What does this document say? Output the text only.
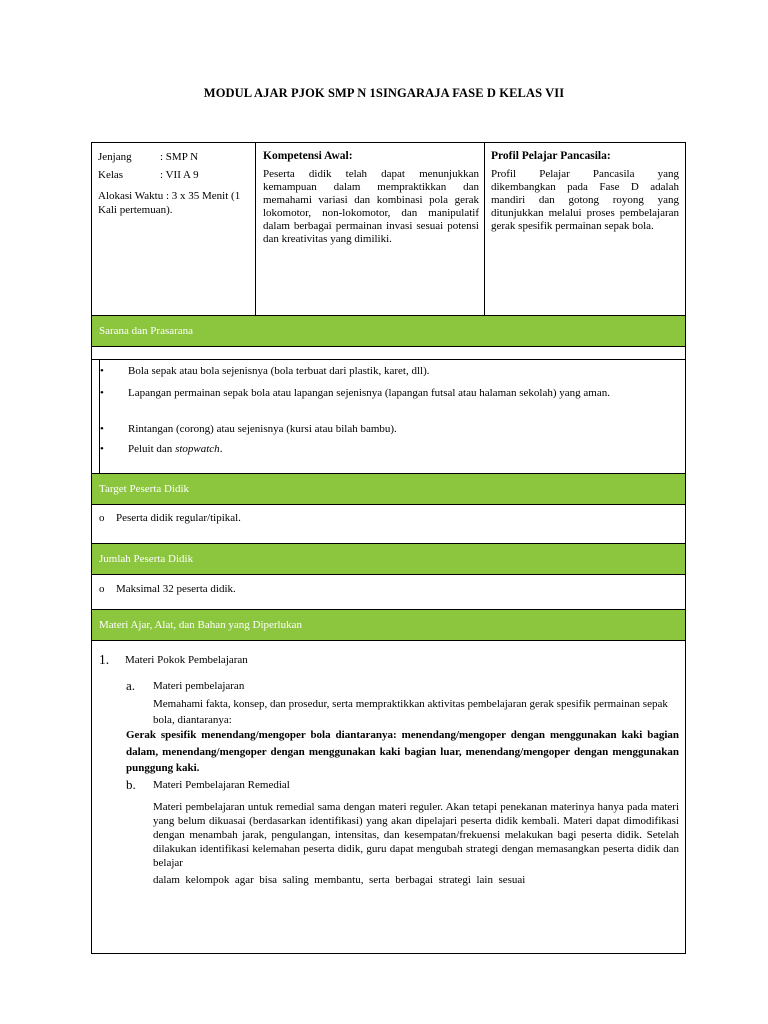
MODUL AJAR PJOK SMP N 1SINGARAJA FASE D KELAS VII
Jenjang	: SMP N
Kelas	: VII A 9
Alokasi Waktu : 3 x 35 Menit (1 Kali pertemuan).
Kompetensi Awal:
Peserta didik telah dapat menunjukkan kemampuan dalam mempraktikkan dan memahami variasi dan kombinasi pola gerak lokomotor, non-lokomotor, dan manipulatif dalam berbagai permainan invasi sesuai potensi dan kreativitas yang dimiliki.
Profil Pelajar Pancasila:
Profil Pelajar Pancasila yang dikembangkan pada Fase D adalah mandiri dan gotong royong yang ditunjukkan melalui proses pembelajaran gerak spesifik permainan sepak bola.
Sarana dan Prasarana
• Bola sepak atau bola sejenisnya (bola terbuat dari plastik, karet, dll).
• Lapangan permainan sepak bola atau lapangan sejenisnya (lapangan futsal atau halaman sekolah) yang aman.
• Rintangan (corong) atau sejenisnya (kursi atau bilah bambu).
• Peluit dan stopwatch.
Target Peserta Didik
o Peserta didik regular/tipikal.
Jumlah Peserta Didik
o Maksimal 32 peserta didik.
Materi Ajar, Alat, dan Bahan yang Diperlukan
1. Materi Pokok Pembelajaran
a. Materi pembelajaran
Memahami fakta, konsep, dan prosedur, serta mempraktikkan aktivitas pembelajaran gerak spesifik permainan sepak bola, diantaranya:
Gerak spesifik menendang/mengoper bola diantaranya: menendang/mengoper dengan menggunakan kaki bagian dalam, menendang/mengoper dengan menggunakan kaki bagian luar, menendang/mengoper dengan menggunakan punggung kaki.
b. Materi Pembelajaran Remedial
Materi pembelajaran untuk remedial sama dengan materi reguler. Akan tetapi penekanan materinya hanya pada materi yang belum dikuasai (berdasarkan identifikasi) yang akan dipelajari peserta didik kembali. Materi dapat dimodifikasi dengan menambah jarak, pengulangan, intensitas, dan kesempatan/frekuensi melakukan bagi peserta didik. Setelah dilakukan identifikasi kelemahan peserta didik, guru dapat mengubah strategi dengan memasangkan peserta didik dan belajar
dalam  kelompok  agar  bisa  saling  membantu,  serta  berbagai  strategi  lain  sesuai
